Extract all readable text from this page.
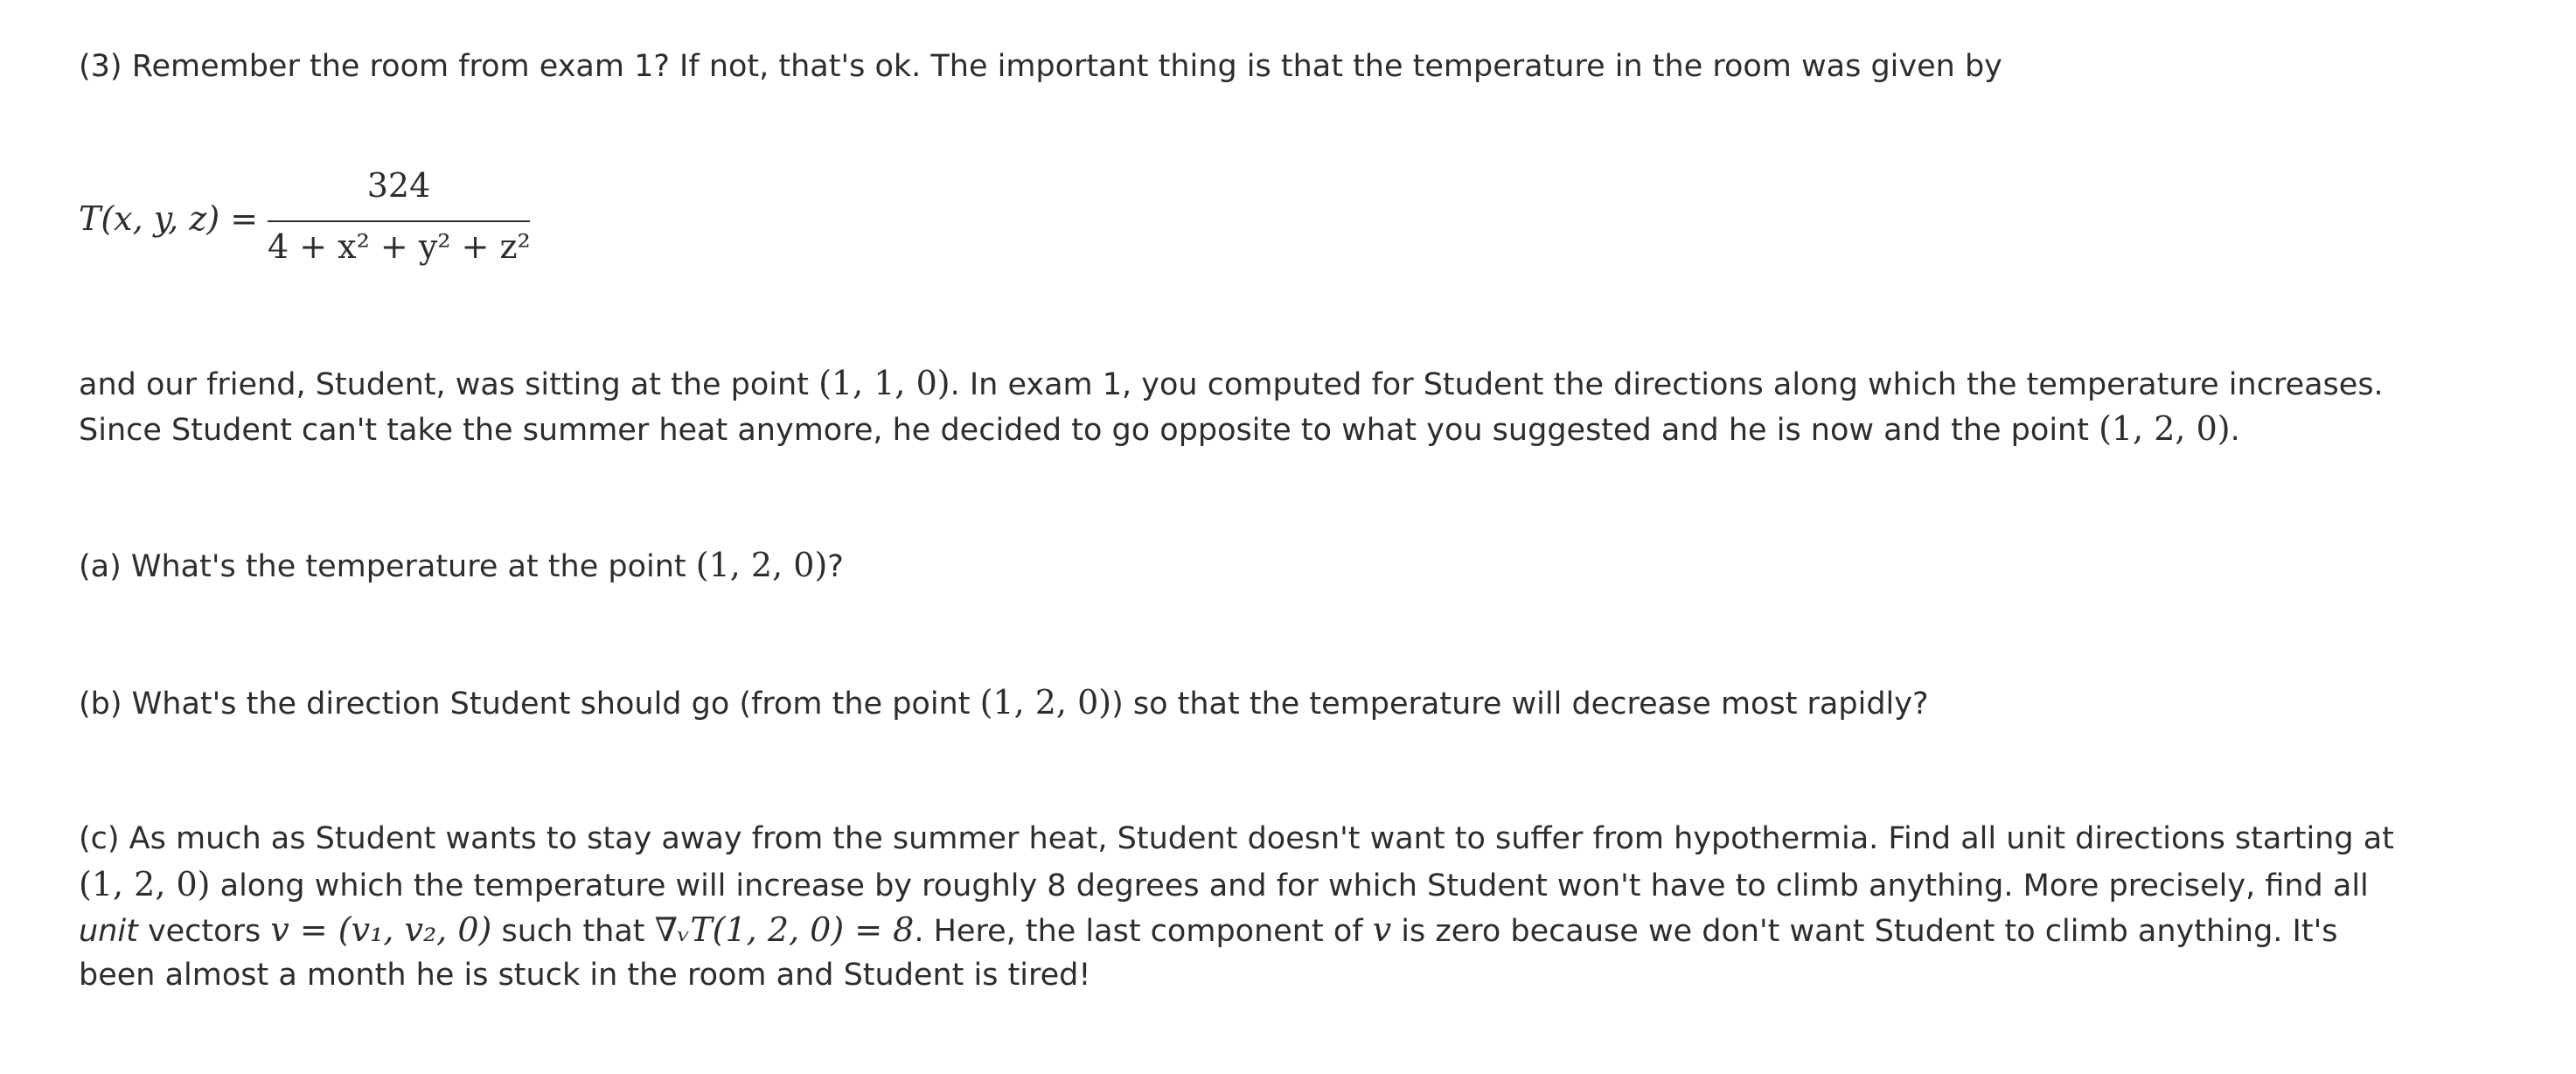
(3) Remember the room from exam 1? If not, that's ok. The important thing is that the temperature in the room was given by
T(x, y, z) =
324
4 + x² + y² + z²
and our friend, Student, was sitting at the point (1, 1, 0). In exam 1, you computed for Student the directions along which the temperature increases.
Since Student can't take the summer heat anymore, he decided to go opposite to what you suggested and he is now and the point (1, 2, 0).
(a) What's the temperature at the point (1, 2, 0)?
(b) What's the direction Student should go (from the point (1, 2, 0)) so that the temperature will decrease most rapidly?
(c) As much as Student wants to stay away from the summer heat, Student doesn't want to suffer from hypothermia. Find all unit directions starting at
(1, 2, 0) along which the temperature will increase by roughly 8 degrees and for which Student won't have to climb anything. More precisely, find all
unit vectors v = (v₁, v₂, 0) such that ∇ᵥT(1, 2, 0) = 8. Here, the last component of v is zero because we don't want Student to climb anything. It's
been almost a month he is stuck in the room and Student is tired!
